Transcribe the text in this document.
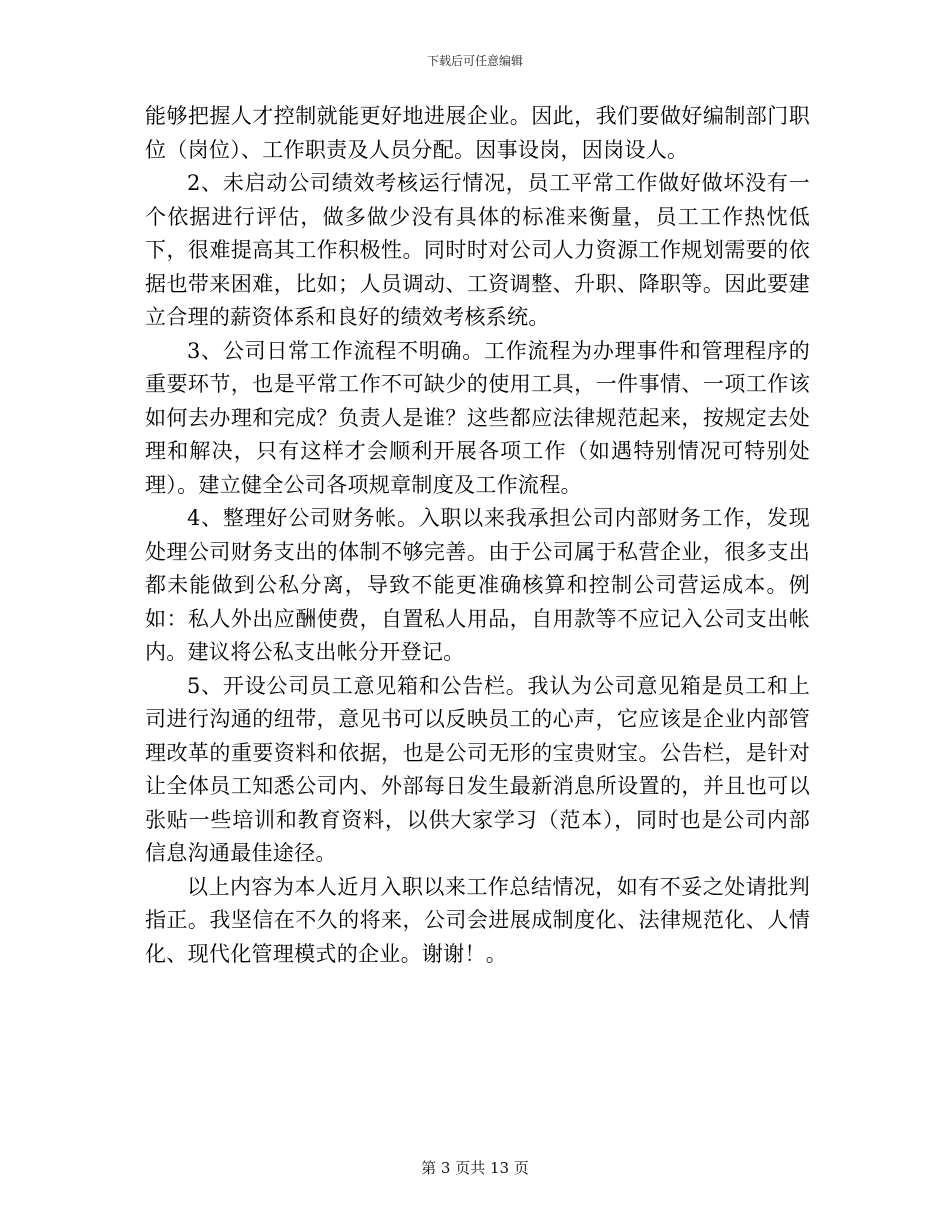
下载后可任意编辑

能够把握人才控制就能更好地进展企业。因此，我们要做好编制部门职位（岗位）、工作职责及人员分配。因事设岗，因岗设人。

2、未启动公司绩效考核运行情况，员工平常工作做好做坏没有一个依据进行评估，做多做少没有具体的标准来衡量，员工工作热忱低下，很难提高其工作积极性。同时时对公司人力资源工作规划需要的依据也带来困难，比如；人员调动、工资调整、升职、降职等。因此要建立合理的薪资体系和良好的绩效考核系统。

3、公司日常工作流程不明确。工作流程为办理事件和管理程序的重要环节，也是平常工作不可缺少的使用工具，一件事情、一项工作该如何去办理和完成？负责人是谁？这些都应法律规范起来，按规定去处理和解决，只有这样才会顺利开展各项工作（如遇特别情况可特别处理）。建立健全公司各项规章制度及工作流程。

4、整理好公司财务帐。入职以来我承担公司内部财务工作，发现处理公司财务支出的体制不够完善。由于公司属于私营企业，很多支出都未能做到公私分离，导致不能更准确核算和控制公司营运成本。例如：私人外出应酬使费，自置私人用品，自用款等不应记入公司支出帐内。建议将公私支出帐分开登记。

5、开设公司员工意见箱和公告栏。我认为公司意见箱是员工和上司进行沟通的纽带，意见书可以反映员工的心声，它应该是企业内部管理改革的重要资料和依据，也是公司无形的宝贵财宝。公告栏，是针对让全体员工知悉公司内、外部每日发生最新消息所设置的，并且也可以张贴一些培训和教育资料，以供大家学习（范本），同时也是公司内部信息沟通最佳途径。

以上内容为本人近月入职以来工作总结情况，如有不妥之处请批判指正。我坚信在不久的将来，公司会进展成制度化、法律规范化、人情化、现代化管理模式的企业。谢谢！。

第 3 页共 13 页
